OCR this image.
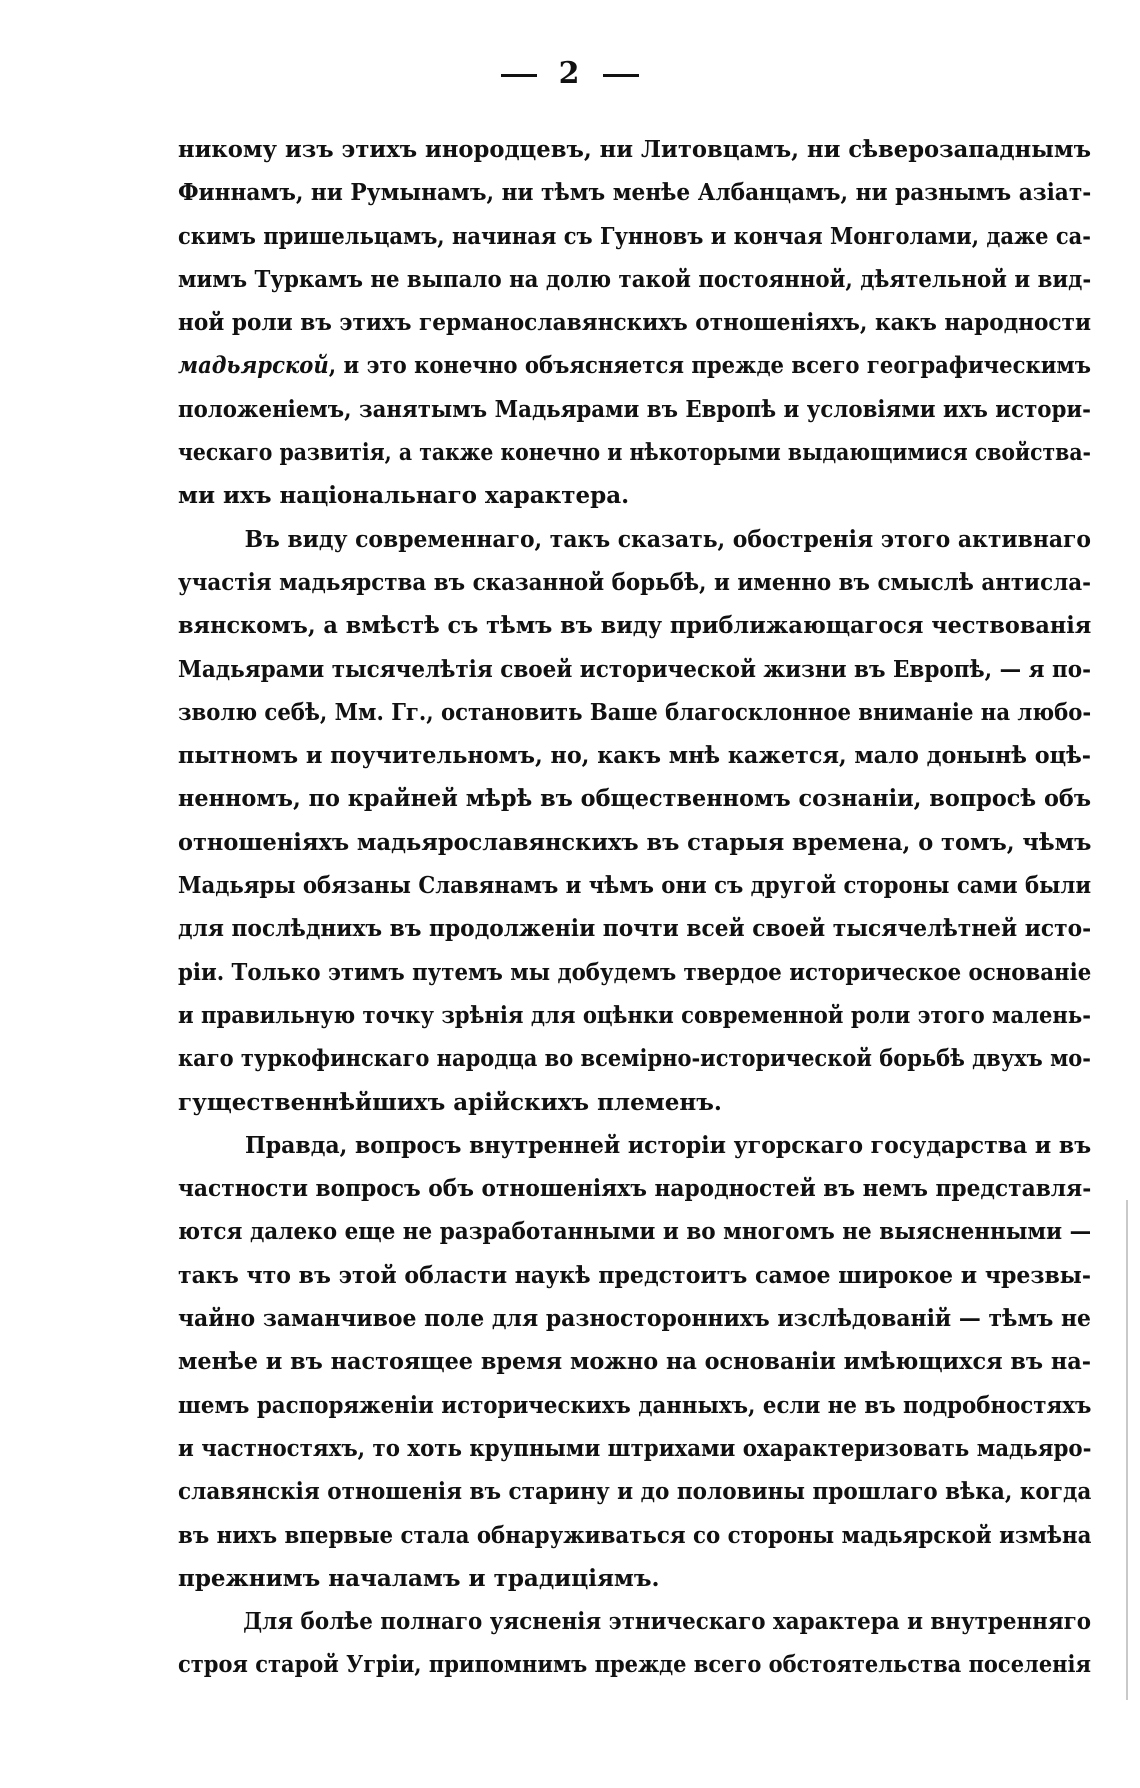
2
никому изъ этихъ инородцевъ, ни Литовцамъ, ни сѣверозападнымъ
Финнамъ, ни Румынамъ, ни тѣмъ менѣе Албанцамъ, ни разнымъ азіат-
скимъ пришельцамъ, начиная съ Гунновъ и кончая Монголами, даже са-
мимъ Туркамъ не выпало на долю такой постоянной, дѣятельной и вид-
ной роли въ этихъ германославянскихъ отношеніяхъ, какъ народности
мадьярской, и это конечно объясняется прежде всего географическимъ
положеніемъ, занятымъ Мадьярами въ Европѣ и условіями ихъ истори-
ческаго развитія, а также конечно и нѣкоторыми выдающимися свойства-
ми ихъ національнаго характера.
Въ виду современнаго, такъ сказать, обостренія этого активнаго
участія мадьярства въ сказанной борьбѣ, и именно въ смыслѣ антисла-
вянскомъ, а вмѣстѣ съ тѣмъ въ виду приближающагося чествованія
Мадьярами тысячелѣтія своей исторической жизни въ Европѣ, — я по-
зволю себѣ, Мм. Гг., остановить Ваше благосклонное вниманіе на любо-
пытномъ и поучительномъ, но, какъ мнѣ кажется, мало донынѣ оцѣ-
ненномъ, по крайней мѣрѣ въ общественномъ сознаніи, вопросѣ объ
отношеніяхъ мадьярославянскихъ въ старыя времена, о томъ, чѣмъ
Мадьяры обязаны Славянамъ и чѣмъ они съ другой стороны сами были
для послѣднихъ въ продолженіи почти всей своей тысячелѣтней исто-
ріи. Только этимъ путемъ мы добудемъ твердое историческое основаніе
и правильную точку зрѣнія для оцѣнки современной роли этого малень-
каго туркофинскаго народца во всемірно-исторической борьбѣ двухъ мо-
гущественнѣйшихъ арійскихъ племенъ.
Правда, вопросъ внутренней исторіи угорскаго государства и въ
частности вопросъ объ отношеніяхъ народностей въ немъ представля-
ются далеко еще не разработанными и во многомъ не выясненными —
такъ что въ этой области наукѣ предстоитъ самое широкое и чрезвы-
чайно заманчивое поле для разностороннихъ изслѣдованій — тѣмъ не
менѣе и въ настоящее время можно на основаніи имѣющихся въ на-
шемъ распоряженіи историческихъ данныхъ, если не въ подробностяхъ
и частностяхъ, то хоть крупными штрихами охарактеризовать мадьяро-
славянскія отношенія въ старину и до половины прошлаго вѣка, когда
въ нихъ впервые стала обнаруживаться со стороны мадьярской измѣна
прежнимъ началамъ и традиціямъ.
Для болѣе полнаго уясненія этническаго характера и внутренняго
строя старой Угріи, припомнимъ прежде всего обстоятельства поселенія
